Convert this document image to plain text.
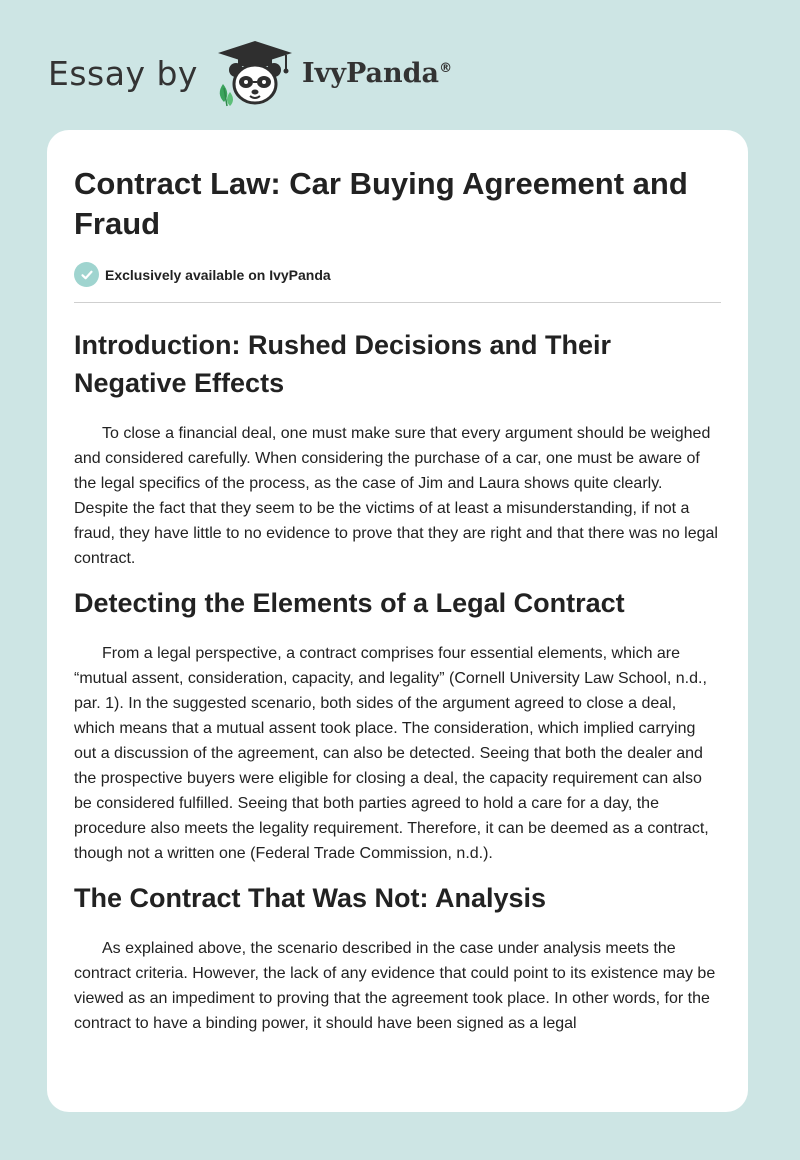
Essay by	IvyPanda®
Contract Law: Car Buying Agreement and Fraud
Exclusively available on IvyPanda
Introduction: Rushed Decisions and Their Negative Effects

To close a financial deal, one must make sure that every argument should be weighed and considered carefully. When considering the purchase of a car, one must be aware of the legal specifics of the process, as the case of Jim and Laura shows quite clearly. Despite the fact that they seem to be the victims of at least a misunderstanding, if not a fraud, they have little to no evidence to prove that they are right and that there was no legal contract.

Detecting the Elements of a Legal Contract

From a legal perspective, a contract comprises four essential elements, which are “mutual assent, consideration, capacity, and legality” (Cornell University Law School, n.d., par. 1). In the suggested scenario, both sides of the argument agreed to close a deal, which means that a mutual assent took place. The consideration, which implied carrying out a discussion of the agreement, can also be detected. Seeing that both the dealer and the prospective buyers were eligible for closing a deal, the capacity requirement can also be considered fulfilled. Seeing that both parties agreed to hold a care for a day, the procedure also meets the legality requirement. Therefore, it can be deemed as a contract, though not a written one (Federal Trade Commission, n.d.).

The Contract That Was Not: Analysis

As explained above, the scenario described in the case under analysis meets the contract criteria. However, the lack of any evidence that could point to its existence may be viewed as an impediment to proving that the agreement took place. In other words, for the contract to have a binding power, it should have been signed as a legal
